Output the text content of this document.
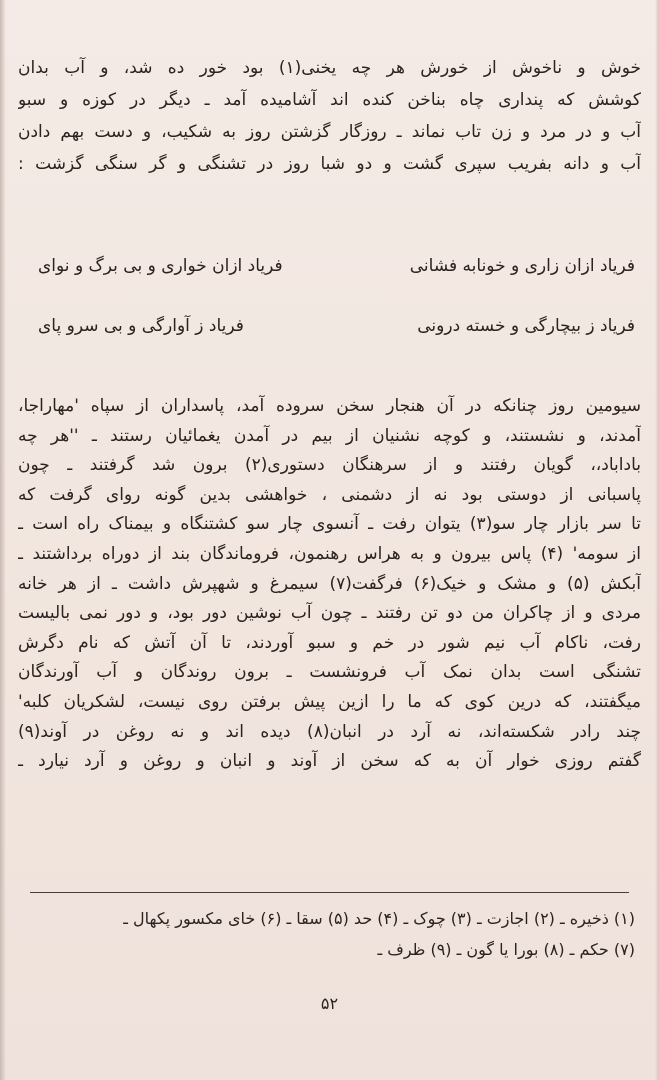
خوش و ناخوش از خورش هر چه یخنی(۱) بود خور ده شد، و آب بدان
کوشش که پنداری چاه بناخن کنده اند آشامیده آمد ـ دیگر در کوزه و سبو
آب و در مرد و زن تاب نماند ـ روزگار گزشتن روز به شکیب، و دست بهم دادن
آب و دانه بفریب سپری گشت و دو شبا روز در تشنگی و گر سنگی گزشت :
فریاد ازان زاری و خونابه فشانی
فریاد ازان خواری و بی برگ و نوای
فریاد ز بیچارگی و خسته درونی
فریاد ز آوارگی و بی سرو پای
سیومین روز چنانکه در آن هنجار سخن سروده آمد، پاسداران از سپاه 'مهاراجا،
آمدند، و نشستند، و کوچه نشنیان از بیم در آمدن یغمائیان رستند ـ ''هر چه
باداباد،، گویان رفتند و از سرهنگان دستوری(۲) برون شد گرفتند ـ چون
پاسبانی از دوستی بود نه از دشمنی ، خواهشی بدین گونه روای گرفت که
تا سر بازار چار سو(۳) یتوان رفت ـ آنسوی چار سو کشتنگاه و بیمناک راه است ـ
از سومه' (۴) پاس بیرون و به هراس رهنمون، فروماندگان بند از دوراه برداشتند ـ
آبکش (۵) و مشک و خیک(۶) فرگفت(۷) سیمرغ و شهپرش داشت ـ از هر خانه
مردی و از چاکران من دو تن رفتند ـ چون آب نوشین دور بود، و دور نمی بالیست
رفت، ناکام آب نیم شور در خم و سبو آوردند، تا آن آتش که نام دگرش
تشنگی است بدان نمک آب فرونشست ـ برون روندگان و آب آورندگان
میگفتند، که درین کوی که ما را ازین پیش برفتن روی نیست، لشکریان کلبه'
چند رادر شکسته‌اند، نه آرد در انبان(۸) دیده اند و نه روغن در آوند(۹)
گفتم روزی خوار آن به که سخن از آوند و انبان و روغن و آرد نیارد ـ
(۱) ذخیره ـ (۲) اجازت ـ (۳) چوک ـ (۴) حد (۵) سقا ـ (۶) خای مکسور پکهال ـ
(۷) حکم ـ (۸) بورا یا گون ـ (۹) ظرف ـ
۵۲
